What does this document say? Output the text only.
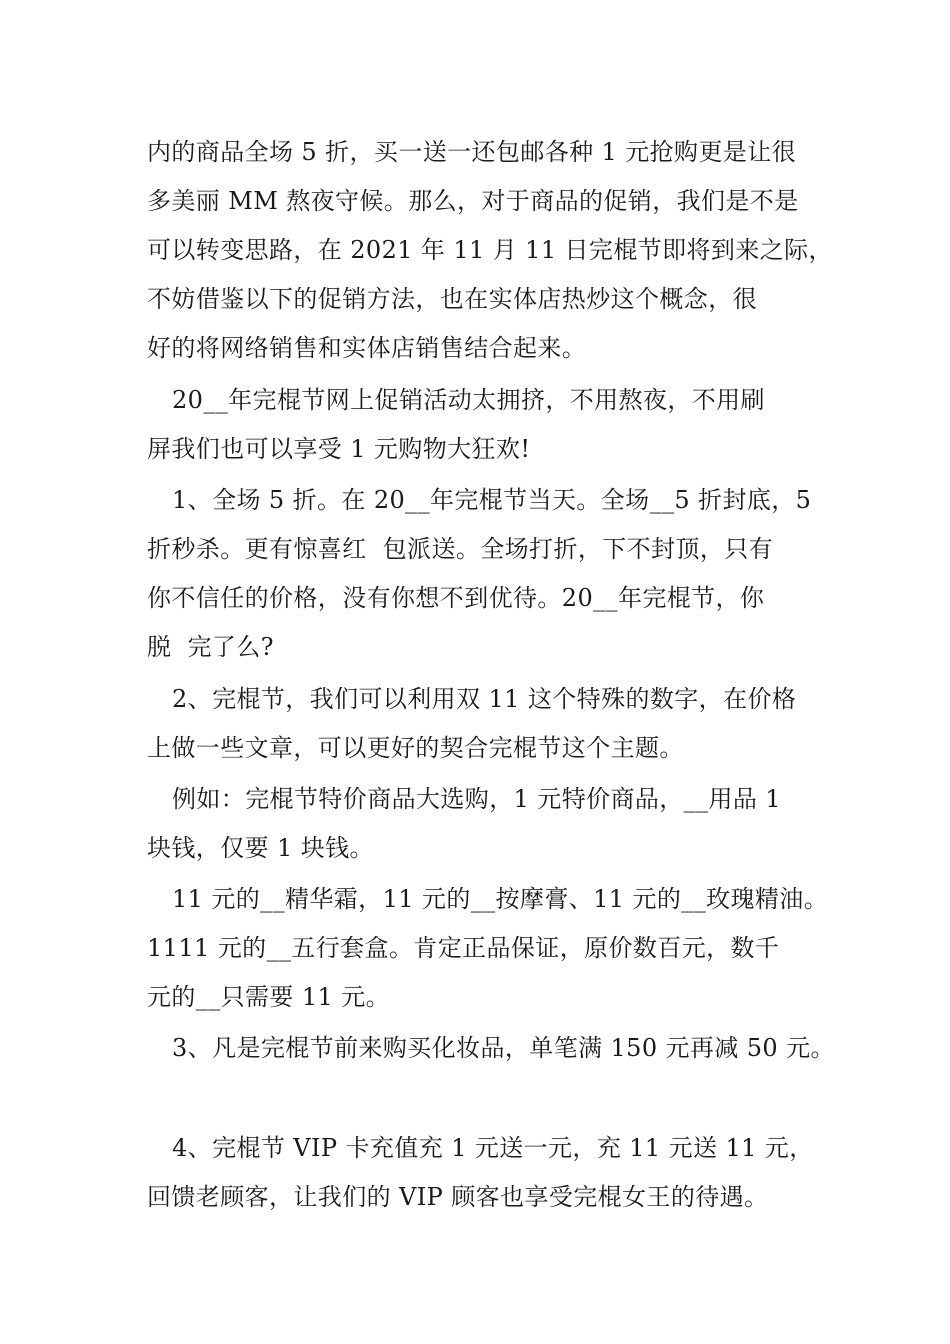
内的商品全场 5 折，买一送一还包邮各种 1 元抢购更是让很
多美丽 MM 熬夜守候。那么，对于商品的促销，我们是不是
可以转变思路，在 2021 年 11 月 11 日完棍节即将到来之际，
不妨借鉴以下的促销方法，也在实体店热炒这个概念，很
好的将网络销售和实体店销售结合起来。
20__年完棍节网上促销活动太拥挤，不用熬夜，不用刷
屏我们也可以享受 1 元购物大狂欢!
1、全场 5 折。在 20__年完棍节当天。全场__5 折封底，5
折秒杀。更有惊喜红  包派送。全场打折，下不封顶，只有
你不信任的价格，没有你想不到优待。20__年完棍节，你
脱  完了么?
2、完棍节，我们可以利用双 11 这个特殊的数字，在价格
上做一些文章，可以更好的契合完棍节这个主题。
例如：完棍节特价商品大选购，1 元特价商品，__用品 1
块钱，仅要 1 块钱。
11 元的__精华霜，11 元的__按摩膏、11 元的__玫瑰精油。
1111 元的__五行套盒。肯定正品保证，原价数百元，数千
元的__只需要 11 元。
3、凡是完棍节前来购买化妆品，单笔满 150 元再减 50 元。
4、完棍节 VIP 卡充值充 1 元送一元，充 11 元送 11 元，
回馈老顾客，让我们的 VIP 顾客也享受完棍女王的待遇。
